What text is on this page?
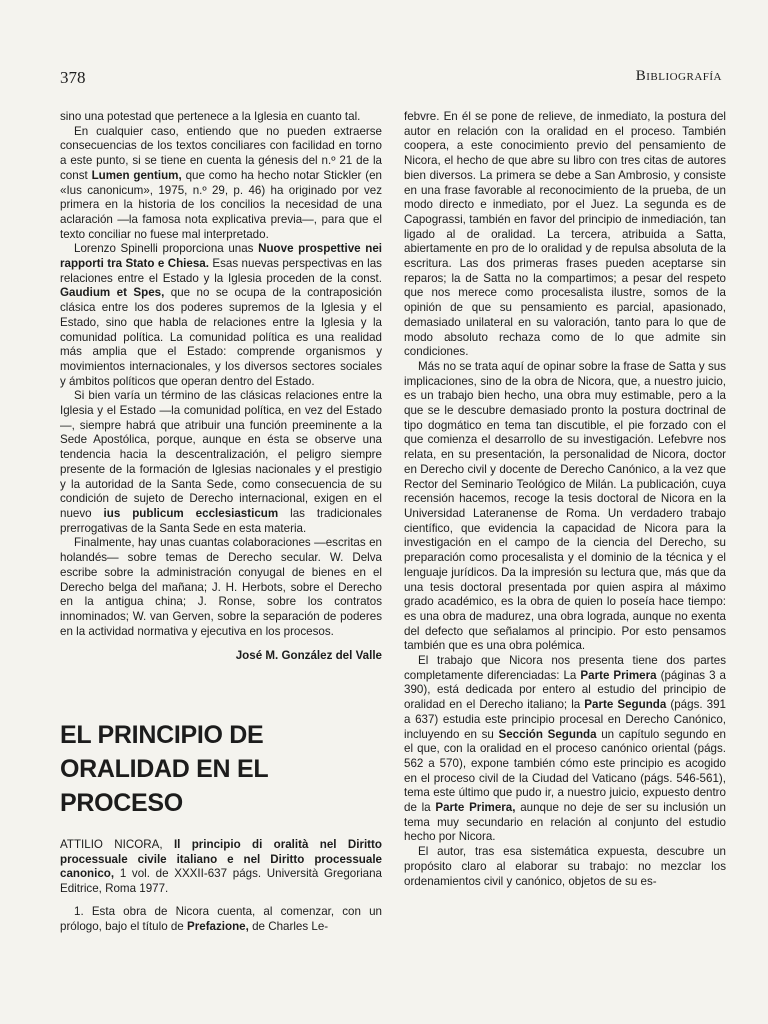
378	Bibliografía

sino una potestad que pertenece a la Iglesia en cuanto tal.

En cualquier caso, entiendo que no pueden extraerse consecuencias de los textos conciliares con facilidad en torno a este punto, si se tiene en cuenta la génesis del n.º 21 de la const Lumen gentium, que como ha hecho notar Stickler (en «Ius canonicum», 1975, n.º 29, p. 46) ha originado por vez primera en la historia de los concilios la necesidad de una aclaración —la famosa nota explicativa previa—, para que el texto conciliar no fuese mal interpretado.

Lorenzo Spinelli proporciona unas Nuove prospettive nei rapporti tra Stato e Chiesa. Esas nuevas perspectivas en las relaciones entre el Estado y la Iglesia proceden de la const. Gaudium et Spes, que no se ocupa de la contraposición clásica entre los dos poderes supremos de la Iglesia y el Estado, sino que habla de relaciones entre la Iglesia y la comunidad política. La comunidad política es una realidad más amplia que el Estado: comprende organismos y movimientos internacionales, y los diversos sectores sociales y ámbitos políticos que operan dentro del Estado.

Si bien varía un término de las clásicas relaciones entre la Iglesia y el Estado —la comunidad política, en vez del Estado—, siempre habrá que atribuir una función preeminente a la Sede Apostólica, porque, aunque en ésta se observe una tendencia hacia la descentralización, el peligro siempre presente de la formación de Iglesias nacionales y el prestigio y la autoridad de la Santa Sede, como consecuencia de su condición de sujeto de Derecho internacional, exigen en el nuevo ius publicum ecclesiasticum las tradicionales prerrogativas de la Santa Sede en esta materia.

Finalmente, hay unas cuantas colaboraciones —escritas en holandés— sobre temas de Derecho secular. W. Delva escribe sobre la administración conyugal de bienes en el Derecho belga del mañana; J. H. Herbots, sobre el Derecho en la antigua china; J. Ronse, sobre los contratos innominados; W. van Gerven, sobre la separación de poderes en la actividad normativa y ejecutiva en los procesos.

José M. González del Valle

EL PRINCIPIO DE
ORALIDAD EN EL PROCESO

ATTILIO NICORA, Il principio di oralità nel Diritto processuale civile italiano e nel Diritto processuale canonico, 1 vol. de XXXII-637 págs. Università Gregoriana Editrice, Roma 1977.

1. Esta obra de Nicora cuenta, al comenzar, con un prólogo, bajo el título de Prefazione, de Charles Le-

febvre. En él se pone de relieve, de inmediato, la postura del autor en relación con la oralidad en el proceso. También coopera, a este conocimiento previo del pensamiento de Nicora, el hecho de que abre su libro con tres citas de autores bien diversos. La primera se debe a San Ambrosio, y consiste en una frase favorable al reconocimiento de la prueba, de un modo directo e inmediato, por el Juez. La segunda es de Capograssi, también en favor del principio de inmediación, tan ligado al de oralidad. La tercera, atribuida a Satta, abiertamente en pro de lo oralidad y de repulsa absoluta de la escritura. Las dos primeras frases pueden aceptarse sin reparos; la de Satta no la compartimos; a pesar del respeto que nos merece como procesalista ilustre, somos de la opinión de que su pensamiento es parcial, apasionado, demasiado unilateral en su valoración, tanto para lo que de modo absoluto rechaza como de lo que admite sin condiciones.

Más no se trata aquí de opinar sobre la frase de Satta y sus implicaciones, sino de la obra de Nicora, que, a nuestro juicio, es un trabajo bien hecho, una obra muy estimable, pero a la que se le descubre demasiado pronto la postura doctrinal de tipo dogmático en tema tan discutible, el pie forzado con el que comienza el desarrollo de su investigación. Lefebvre nos relata, en su presentación, la personalidad de Nicora, doctor en Derecho civil y docente de Derecho Canónico, a la vez que Rector del Seminario Teológico de Milán. La publicación, cuya recensión hacemos, recoge la tesis doctoral de Nicora en la Universidad Lateranense de Roma. Un verdadero trabajo científico, que evidencia la capacidad de Nicora para la investigación en el campo de la ciencia del Derecho, su preparación como procesalista y el dominio de la técnica y el lenguaje jurídicos. Da la impresión su lectura que, más que da una tesis doctoral presentada por quien aspira al máximo grado académico, es la obra de quien lo poseía hace tiempo: es una obra de madurez, una obra lograda, aunque no exenta del defecto que señalamos al principio. Por esto pensamos también que es una obra polémica.

El trabajo que Nicora nos presenta tiene dos partes completamente diferenciadas: La Parte Primera (páginas 3 a 390), está dedicada por entero al estudio del principio de oralidad en el Derecho italiano; la Parte Segunda (págs. 391 a 637) estudia este principio procesal en Derecho Canónico, incluyendo en su Sección Segunda un capítulo segundo en el que, con la oralidad en el proceso canónico oriental (págs. 562 a 570), expone también cómo este principio es acogido en el proceso civil de la Ciudad del Vaticano (págs. 546-561), tema este último que pudo ir, a nuestro juicio, expuesto dentro de la Parte Primera, aunque no deje de ser su inclusión un tema muy secundario en relación al conjunto del estudio hecho por Nicora.

El autor, tras esa sistemática expuesta, descubre un propósito claro al elaborar su trabajo: no mezclar los ordenamientos civil y canónico, objetos de su es-
